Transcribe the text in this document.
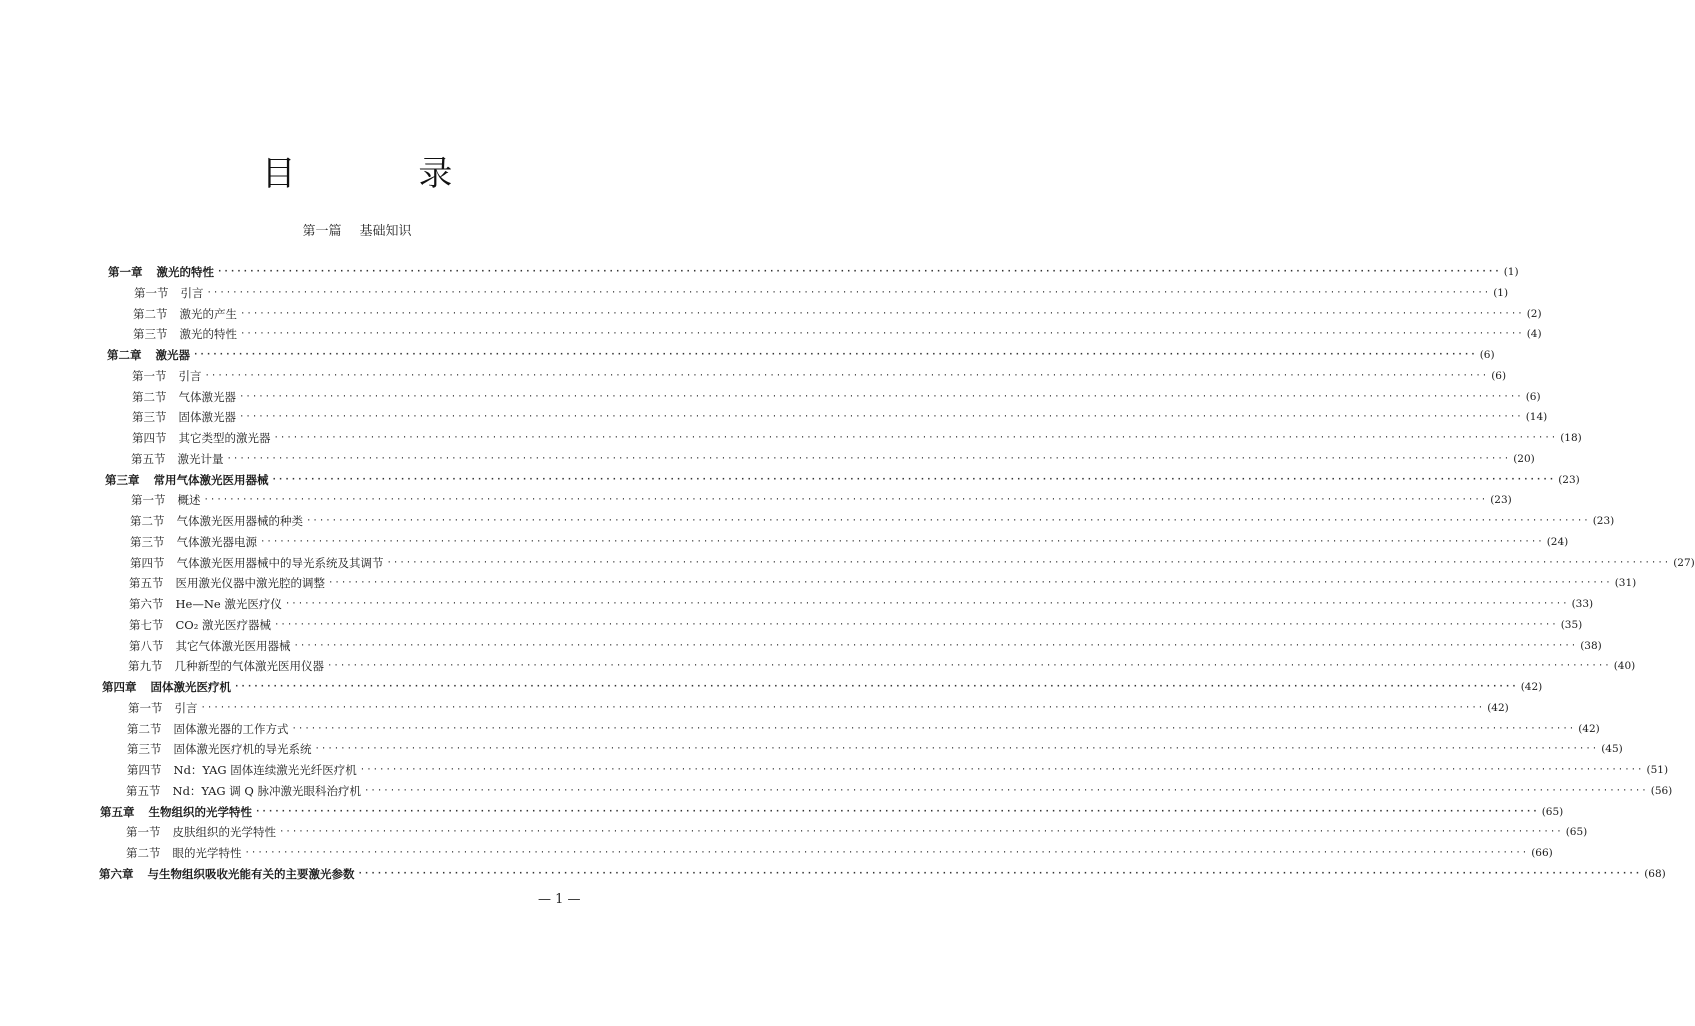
目 录
第一篇 基础知识
第一章 激光的特性 ········································································································································································································ (1)
第一节 引言 ········································································································································································································ (1)
第二节 激光的产生 ········································································································································································································ (2)
第三节 激光的特性 ········································································································································································································ (4)
第二章 激光器 ········································································································································································································ (6)
第一节 引言 ········································································································································································································ (6)
第二节 气体激光器 ········································································································································································································ (6)
第三节 固体激光器 ········································································································································································································ (14)
第四节 其它类型的激光器 ········································································································································································································ (18)
第五节 激光计量 ········································································································································································································ (20)
第三章 常用气体激光医用器械 ········································································································································································································ (23)
第一节 概述 ········································································································································································································ (23)
第二节 气体激光医用器械的种类 ········································································································································································································ (23)
第三节 气体激光器电源 ········································································································································································································ (24)
第四节 气体激光医用器械中的导光系统及其调节 ········································································································································································································ (27)
第五节 医用激光仪器中激光腔的调整 ········································································································································································································ (31)
第六节 He—Ne 激光医疗仪 ········································································································································································································ (33)
第七节 CO₂ 激光医疗器械 ········································································································································································································ (35)
第八节 其它气体激光医用器械 ········································································································································································································ (38)
第九节 几种新型的气体激光医用仪器 ········································································································································································································ (40)
第四章 固体激光医疗机 ········································································································································································································ (42)
第一节 引言 ········································································································································································································ (42)
第二节 固体激光器的工作方式 ········································································································································································································ (42)
第三节 固体激光医疗机的导光系统 ········································································································································································································ (45)
第四节 Nd：YAG 固体连续激光光纤医疗机 ········································································································································································································ (51)
第五节 Nd：YAG 调 Q 脉冲激光眼科治疗机 ········································································································································································································ (56)
第五章 生物组织的光学特性 ········································································································································································································ (65)
第一节 皮肤组织的光学特性 ········································································································································································································ (65)
第二节 眼的光学特性 ········································································································································································································ (66)
第六章 与生物组织吸收光能有关的主要激光参数 ········································································································································································································ (68)
— 1 —
